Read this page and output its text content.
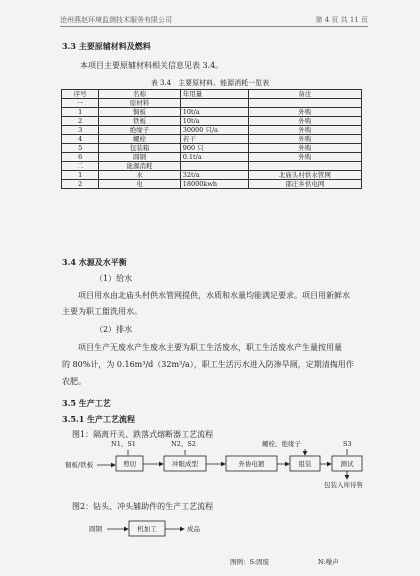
沧州燕赵环境监测技术服务有限公司	第 4 页 共 11 页
3.3 主要原辅材料及燃料
本项目主要原辅材料相关信息见表 3.4。
表 3.4　主要原材料、能源消耗一览表
序号	名称	年用量	备注
一	原材料		
1	铜板	10t/a	外购
2	铁板	10t/a	外购
3	绝缘子	30000 只/a	外购
4	螺栓	若干	外购
5	包装箱	900 只	外购
6	圆钢	0.1t/a	外购
二	能源消耗		
1	水	32t/a	北庙头村供水管网
2	电	18000kwh	邵庄乡供电网
3.4 水源及水平衡
（1）给水
项目用水由北庙头村供水管网提供，水质和水量均能满足要求。项目用新鲜水
主要为职工盥洗用水。
（2）排水
项目生产无废水产生废水主要为职工生活废水，职工生活废水产生量按用量
的 80%计，为 0.16m³/d（32m³/a），职工生活污水进入防渗旱厕，定期清掏用作
农肥。
3.5 生产工艺
3.5.1 生产工艺流程
图1：隔离开关、跌落式熔断器工艺流程
图2：钻头、冲头辅助件的生产工艺流程
铜板/铁板
N1、S1
剪切
N2、S2
冲眼成型	外协电镀
螺栓、绝缘子
组装
S3
测试
包装入库待售
圆钢	机加工	成品
图例：S:固废	N:噪声
